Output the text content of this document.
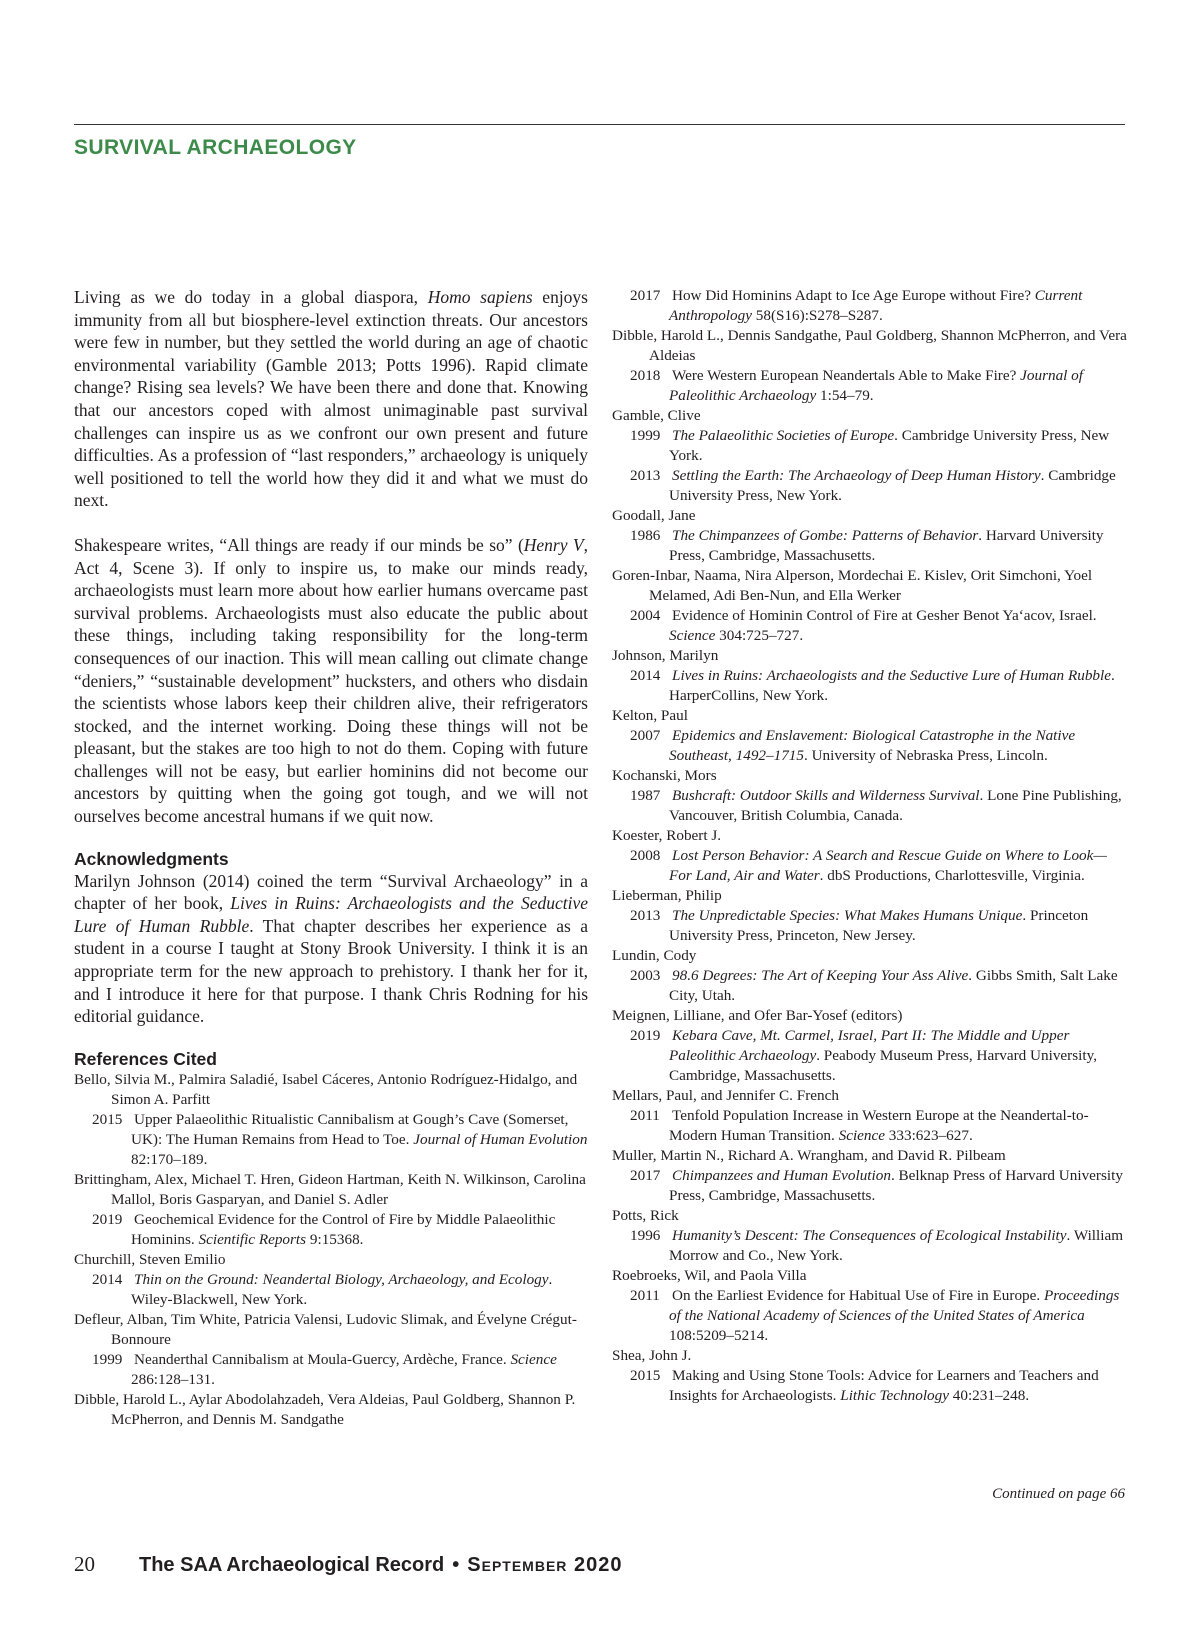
SURVIVAL ARCHAEOLOGY

Living as we do today in a global diaspora, Homo sapiens enjoys immunity from all but biosphere-level extinction threats. Our ancestors were few in number, but they settled the world during an age of chaotic environmental variability (Gamble 2013; Potts 1996). Rapid climate change? Rising sea levels? We have been there and done that. Knowing that our ancestors coped with almost unimaginable past survival challenges can inspire us as we confront our own present and future difficulties. As a profession of “last responders,” archaeology is uniquely well positioned to tell the world how they did it and what we must do next.

Shakespeare writes, “All things are ready if our minds be so” (Henry V, Act 4, Scene 3). If only to inspire us, to make our minds ready, archaeologists must learn more about how earlier humans overcame past survival problems. Archaeologists must also educate the public about these things, including taking responsibility for the long-term consequences of our inaction. This will mean calling out climate change “deniers,” “sustainable development” hucksters, and others who disdain the scientists whose labors keep their children alive, their refrigerators stocked, and the internet working. Doing these things will not be pleasant, but the stakes are too high to not do them. Coping with future challenges will not be easy, but earlier hominins did not become our ancestors by quitting when the going got tough, and we will not ourselves become ancestral humans if we quit now.

Acknowledgments

Marilyn Johnson (2014) coined the term “Survival Archaeology” in a chapter of her book, Lives in Ruins: Archaeologists and the Seductive Lure of Human Rubble. That chapter describes her experience as a student in a course I taught at Stony Brook University. I think it is an appropriate term for the new approach to prehistory. I thank her for it, and I introduce it here for that purpose. I thank Chris Rodning for his editorial guidance.

References Cited

Bello, Silvia M., Palmira Saladié, Isabel Cáceres, Antonio Rodríguez-Hidalgo, and Simon A. Parfitt

2015 Upper Palaeolithic Ritualistic Cannibalism at Gough’s Cave (Somerset, UK): The Human Remains from Head to Toe. Journal of Human Evolution 82:170–189.

Brittingham, Alex, Michael T. Hren, Gideon Hartman, Keith N. Wilkinson, Carolina Mallol, Boris Gasparyan, and Daniel S. Adler

2019 Geochemical Evidence for the Control of Fire by Middle Palaeolithic Hominins. Scientific Reports 9:15368.

Churchill, Steven Emilio

2014 Thin on the Ground: Neandertal Biology, Archaeology, and Ecology. Wiley-Blackwell, New York.

Defleur, Alban, Tim White, Patricia Valensi, Ludovic Slimak, and Évelyne Crégut-Bonnoure

1999 Neanderthal Cannibalism at Moula-Guercy, Ardèche, France. Science 286:128–131.

Dibble, Harold L., Aylar Abodolahzadeh, Vera Aldeias, Paul Goldberg, Shannon P. McPherron, and Dennis M. Sandgathe

2017 How Did Hominins Adapt to Ice Age Europe without Fire? Current Anthropology 58(S16):S278–S287.

Dibble, Harold L., Dennis Sandgathe, Paul Goldberg, Shannon McPherron, and Vera Aldeias

2018 Were Western European Neandertals Able to Make Fire? Journal of Paleolithic Archaeology 1:54–79.

Gamble, Clive

1999 The Palaeolithic Societies of Europe. Cambridge University Press, New York.

2013 Settling the Earth: The Archaeology of Deep Human History. Cambridge University Press, New York.

Goodall, Jane

1986 The Chimpanzees of Gombe: Patterns of Behavior. Harvard University Press, Cambridge, Massachusetts.

Goren-Inbar, Naama, Nira Alperson, Mordechai E. Kislev, Orit Simchoni, Yoel Melamed, Adi Ben-Nun, and Ella Werker

2004 Evidence of Hominin Control of Fire at Gesher Benot Ya‘acov, Israel. Science 304:725–727.

Johnson, Marilyn

2014 Lives in Ruins: Archaeologists and the Seductive Lure of Human Rubble. HarperCollins, New York.

Kelton, Paul

2007 Epidemics and Enslavement: Biological Catastrophe in the Native Southeast, 1492–1715. University of Nebraska Press, Lincoln.

Kochanski, Mors

1987 Bushcraft: Outdoor Skills and Wilderness Survival. Lone Pine Publishing, Vancouver, British Columbia, Canada.

Koester, Robert J.

2008 Lost Person Behavior: A Search and Rescue Guide on Where to Look—For Land, Air and Water. dbS Productions, Charlottesville, Virginia.

Lieberman, Philip

2013 The Unpredictable Species: What Makes Humans Unique. Princeton University Press, Princeton, New Jersey.

Lundin, Cody

2003 98.6 Degrees: The Art of Keeping Your Ass Alive. Gibbs Smith, Salt Lake City, Utah.

Meignen, Lilliane, and Ofer Bar-Yosef (editors)

2019 Kebara Cave, Mt. Carmel, Israel, Part II: The Middle and Upper Paleolithic Archaeology. Peabody Museum Press, Harvard University, Cambridge, Massachusetts.

Mellars, Paul, and Jennifer C. French

2011 Tenfold Population Increase in Western Europe at the Neandertal-to-Modern Human Transition. Science 333:623–627.

Muller, Martin N., Richard A. Wrangham, and David R. Pilbeam

2017 Chimpanzees and Human Evolution. Belknap Press of Harvard University Press, Cambridge, Massachusetts.

Potts, Rick

1996 Humanity’s Descent: The Consequences of Ecological Instability. William Morrow and Co., New York.

Roebroeks, Wil, and Paola Villa

2011 On the Earliest Evidence for Habitual Use of Fire in Europe. Proceedings of the National Academy of Sciences of the United States of America 108:5209–5214.

Shea, John J.

2015 Making and Using Stone Tools: Advice for Learners and Teachers and Insights for Archaeologists. Lithic Technology 40:231–248.

Continued on page 66
20 The SAA Archaeological Record • September 2020
